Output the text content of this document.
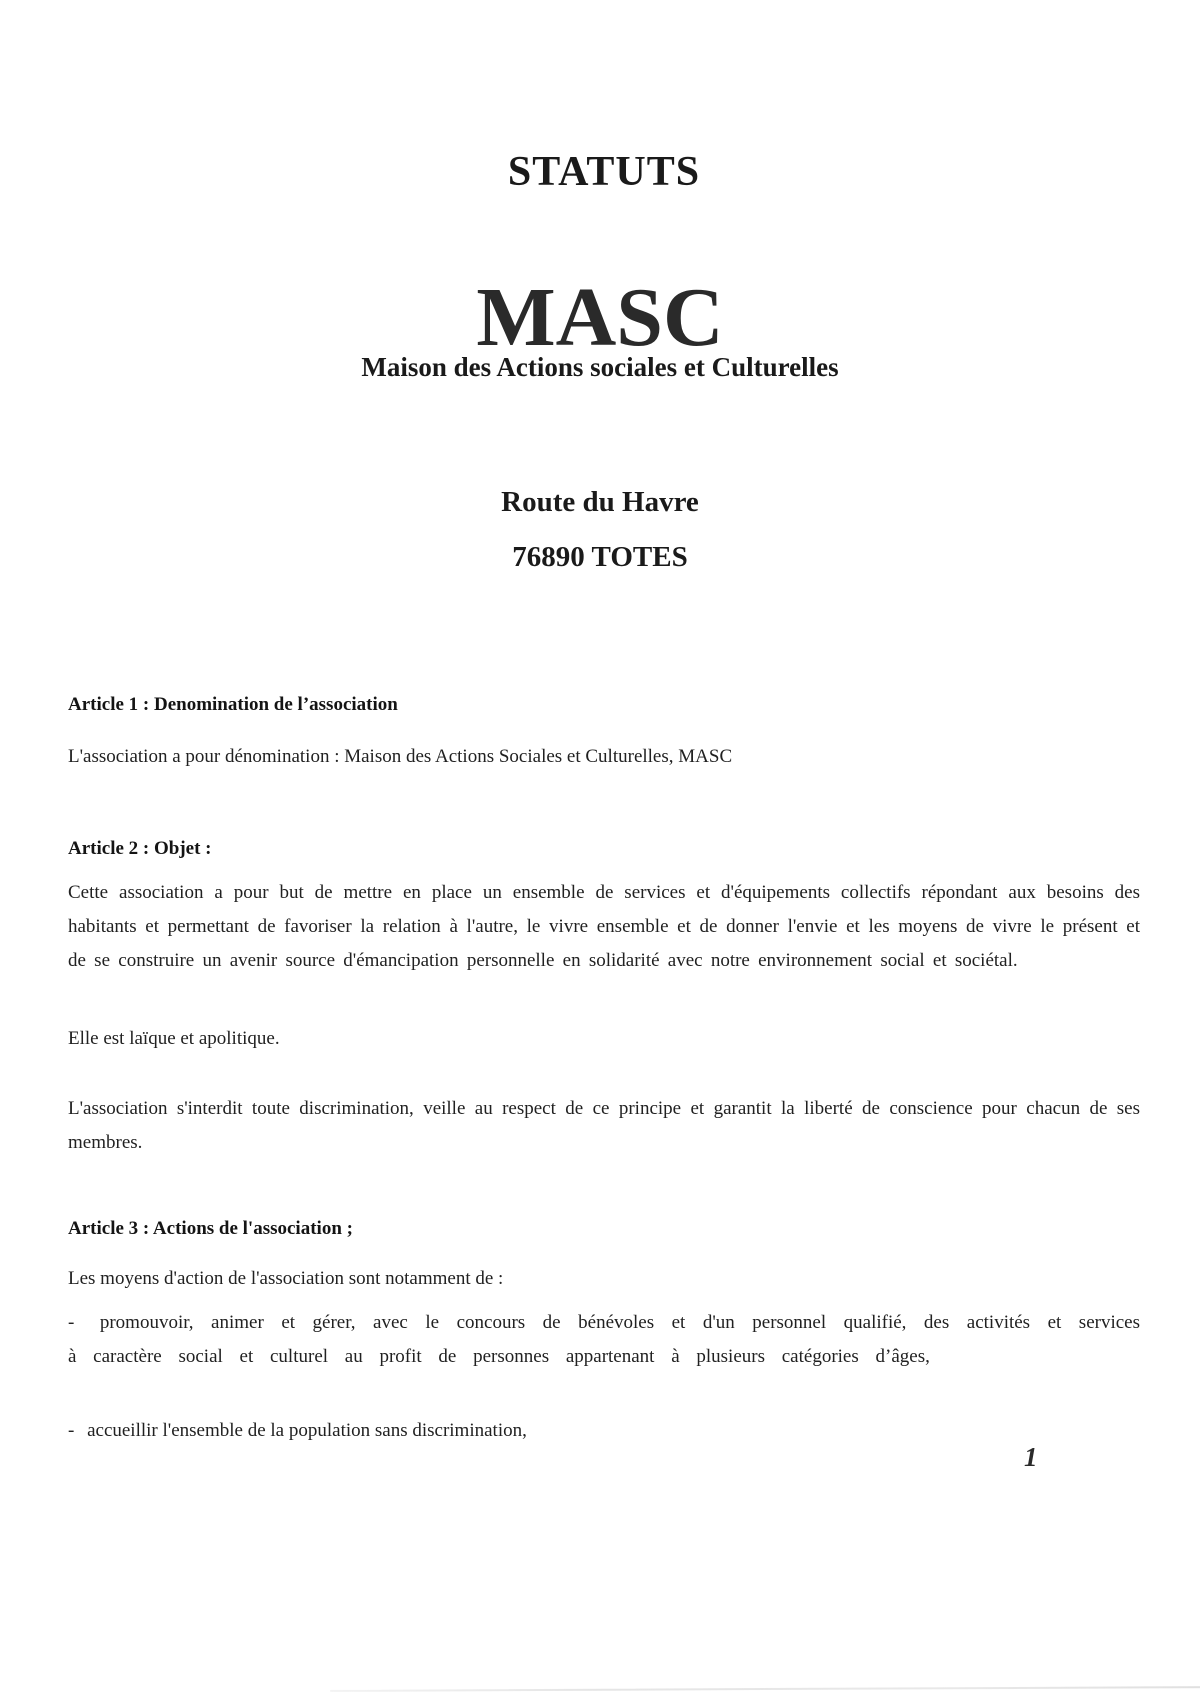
STATUTS
MASC
Maison des Actions sociales et Culturelles
Route du Havre
76890 TOTES
Article 1 : Denomination de l’association

L'association a pour dénomination : Maison des Actions Sociales et Culturelles, MASC

Article 2 : Objet :

Cette association a pour but de mettre en place un ensemble de services et d'équipements collectifs répondant aux besoins des habitants et permettant de favoriser la relation à l'autre, le vivre ensemble et de donner l'envie et les moyens de vivre le présent et de se construire un avenir source d'émancipation personnelle en solidarité avec notre environnement social et sociétal.

Elle est laïque et apolitique.

L'association s'interdit toute discrimination, veille au respect de ce principe et garantit la liberté de conscience pour chacun de ses membres.

Article 3 : Actions de l'association ;

Les moyens d'action de l'association sont notamment de :

- promouvoir, animer et gérer, avec le concours de bénévoles et d'un personnel qualifié, des activités et services à caractère social et culturel au profit de personnes appartenant à plusieurs catégories d’âges,

- accueillir l'ensemble de la population sans discrimination,

1
